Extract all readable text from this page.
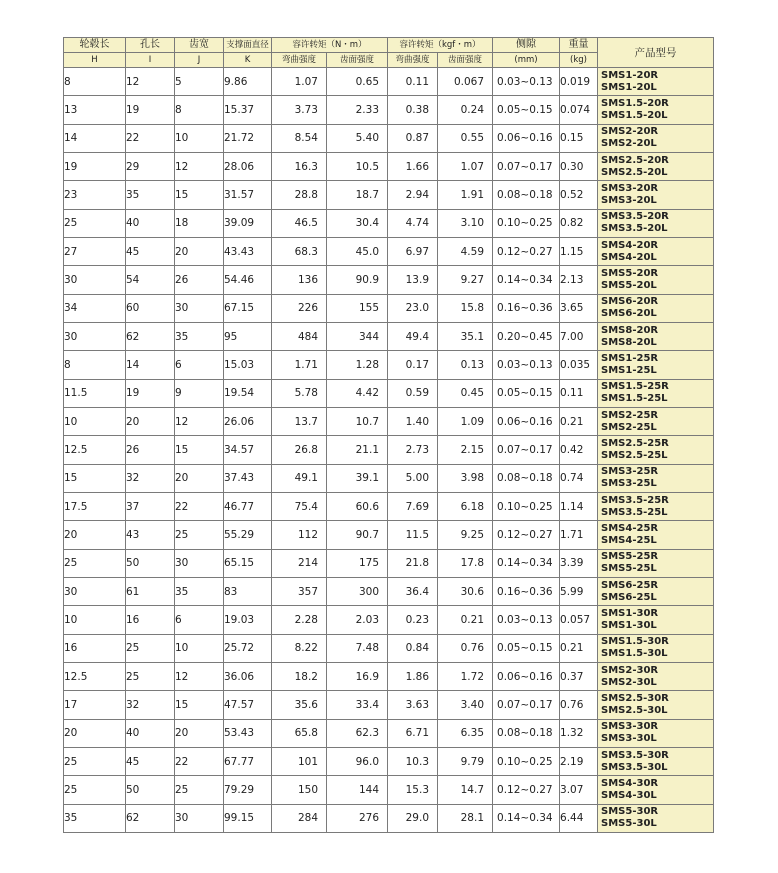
轮毂长	孔长	齿宽	支撑面直径	容许转矩（N・m）		容许转矩（kgf・m）		侧隙	重量	产品型号
H	I	J	K	弯曲强度	齿面强度	弯曲强度	齿面强度	(mm)	(kg)	
8	12	5	9.86	1.07	0.65	0.11	0.067	0.03~0.13	0.019	SMS1-20R
SMS1-20L

13	19	8	15.37	3.73	2.33	0.38	0.24	0.05~0.15	0.074	SMS1.5-20R
SMS1.5-20L

14	22	10	21.72	8.54	5.40	0.87	0.55	0.06~0.16	0.15	SMS2-20R
SMS2-20L

19	29	12	28.06	16.3	10.5	1.66	1.07	0.07~0.17	0.30	SMS2.5-20R
SMS2.5-20L

23	35	15	31.57	28.8	18.7	2.94	1.91	0.08~0.18	0.52	SMS3-20R
SMS3-20L

25	40	18	39.09	46.5	30.4	4.74	3.10	0.10~0.25	0.82	SMS3.5-20R
SMS3.5-20L

27	45	20	43.43	68.3	45.0	6.97	4.59	0.12~0.27	1.15	SMS4-20R
SMS4-20L

30	54	26	54.46	136	90.9	13.9	9.27	0.14~0.34	2.13	SMS5-20R
SMS5-20L

34	60	30	67.15	226	155	23.0	15.8	0.16~0.36	3.65	SMS6-20R
SMS6-20L

30	62	35	95	484	344	49.4	35.1	0.20~0.45	7.00	SMS8-20R
SMS8-20L

8	14	6	15.03	1.71	1.28	0.17	0.13	0.03~0.13	0.035	SMS1-25R
SMS1-25L

11.5	19	9	19.54	5.78	4.42	0.59	0.45	0.05~0.15	0.11	SMS1.5-25R
SMS1.5-25L

10	20	12	26.06	13.7	10.7	1.40	1.09	0.06~0.16	0.21	SMS2-25R
SMS2-25L

12.5	26	15	34.57	26.8	21.1	2.73	2.15	0.07~0.17	0.42	SMS2.5-25R
SMS2.5-25L

15	32	20	37.43	49.1	39.1	5.00	3.98	0.08~0.18	0.74	SMS3-25R
SMS3-25L

17.5	37	22	46.77	75.4	60.6	7.69	6.18	0.10~0.25	1.14	SMS3.5-25R
SMS3.5-25L

20	43	25	55.29	112	90.7	11.5	9.25	0.12~0.27	1.71	SMS4-25R
SMS4-25L

25	50	30	65.15	214	175	21.8	17.8	0.14~0.34	3.39	SMS5-25R
SMS5-25L

30	61	35	83	357	300	36.4	30.6	0.16~0.36	5.99	SMS6-25R
SMS6-25L

10	16	6	19.03	2.28	2.03	0.23	0.21	0.03~0.13	0.057	SMS1-30R
SMS1-30L

16	25	10	25.72	8.22	7.48	0.84	0.76	0.05~0.15	0.21	SMS1.5-30R
SMS1.5-30L

12.5	25	12	36.06	18.2	16.9	1.86	1.72	0.06~0.16	0.37	SMS2-30R
SMS2-30L

17	32	15	47.57	35.6	33.4	3.63	3.40	0.07~0.17	0.76	SMS2.5-30R
SMS2.5-30L

20	40	20	53.43	65.8	62.3	6.71	6.35	0.08~0.18	1.32	SMS3-30R
SMS3-30L

25	45	22	67.77	101	96.0	10.3	9.79	0.10~0.25	2.19	SMS3.5-30R
SMS3.5-30L

25	50	25	79.29	150	144	15.3	14.7	0.12~0.27	3.07	SMS4-30R
SMS4-30L

35	62	30	99.15	284	276	29.0	28.1	0.14~0.34	6.44	SMS5-30R
SMS5-30L
